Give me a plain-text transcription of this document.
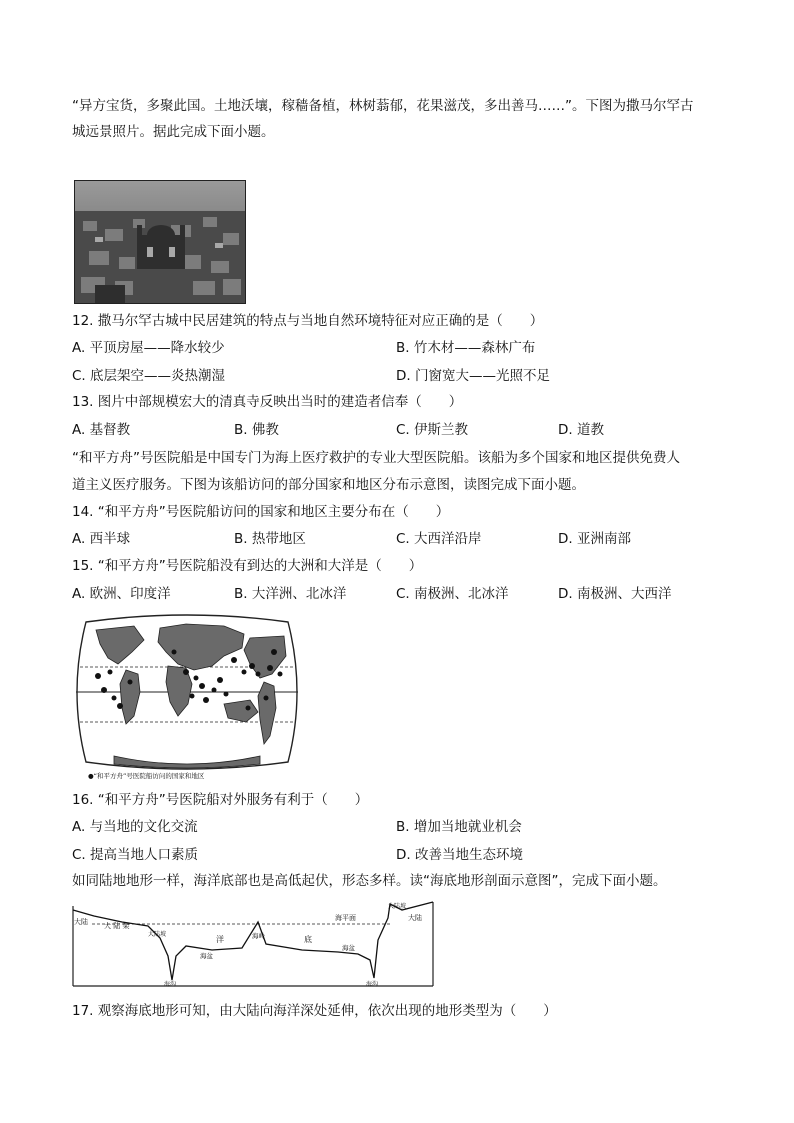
“异方宝货，多聚此国。土地沃壤，稼穑备植，林树蓊郁，花果滋茂，多出善马……”。下图为撒马尔罕古
城远景照片。据此完成下面小题。
12. 撒马尔罕古城中民居建筑的特点与当地自然环境特征对应正确的是（　　）
A. 平顶房屋——降水较少	B. 竹木材——森林广布
C. 底层架空——炎热潮湿	D. 门窗宽大——光照不足
13. 图片中部规模宏大的清真寺反映出当时的建造者信奉（　　）
A. 基督教	B. 佛教	C. 伊斯兰教	D. 道教
“和平方舟”号医院船是中国专门为海上医疗救护的专业大型医院船。该船为多个国家和地区提供免费人
道主义医疗服务。下图为该船访问的部分国家和地区分布示意图，读图完成下面小题。
14. “和平方舟”号医院船访问的国家和地区主要分布在（　　）
A. 西半球	B. 热带地区	C. 大西洋沿岸	D. 亚洲南部
15. “和平方舟”号医院船没有到达的大洲和大洋是（　　）
A. 欧洲、印度洋	B. 大洋洲、北冰洋	C. 南极洲、北冰洋	D. 南极洲、大西洋
●“和平方舟”号医院船访问的国家和地区
16. “和平方舟”号医院船对外服务有利于（　　）
A. 与当地的文化交流	B. 增加当地就业机会
C. 提高当地人口素质	D. 改善当地生态环境
如同陆地地形一样，海洋底部也是高低起伏，形态多样。读“海底地形剖面示意图”，完成下面小题。
大陆 大 陆 架
大陆坡
海平面
洋
海盆
海岭	底
海盆
海沟	海沟
大陆坡
大陆
17. 观察海底地形可知，由大陆向海洋深处延伸，依次出现的地形类型为（　　）
